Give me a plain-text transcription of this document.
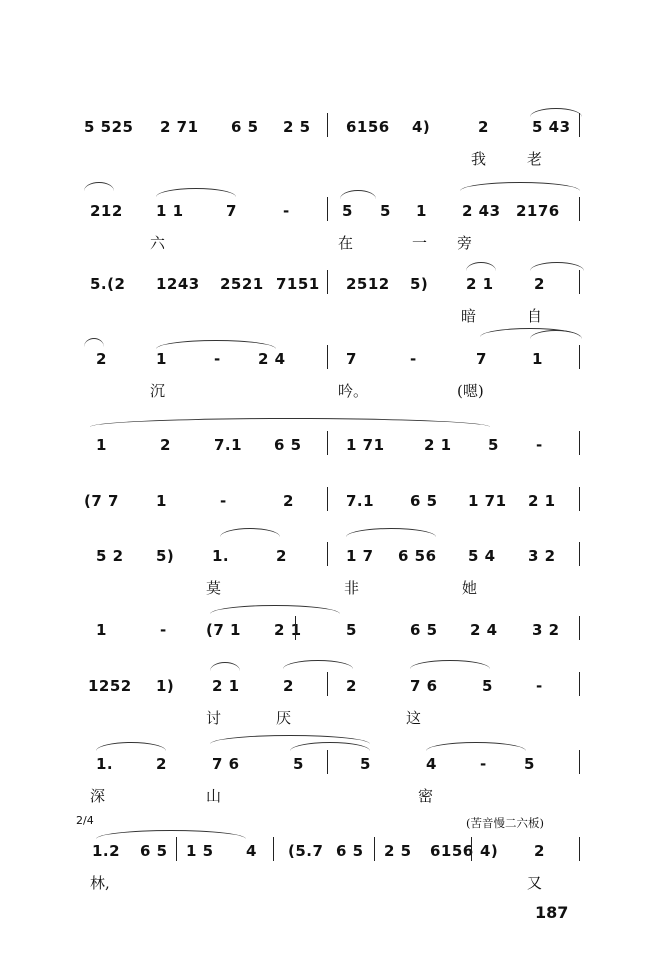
5 525 2 71 6 5 2 5 6156 4)	2	5 43
我	老
212 1 1	7	-	5 5 1 2 43 2176
六	在	一 旁
5.(2 1243 2521 7151 2512 5)	2 1	2
暗	自
2	1	- 2 4	7	-	7	1
沉	吟。	(嗯)
1	2	7.1 6 5	1 71	2 1 5 -
(7 7 1	-	2	7.1 6 5 1 71 2 1
5 2 5)	1.	2	1 7 6 56 5 4 3 2
莫	非	她
1	-	(7 1 2 1	5	6 5 2 4 3 2
1252 1)	2 1	2	2	7 6	5	-
讨	厌	这
1.	2	7 6	5	5	4	- 5
深	山	密
1.2 6 5 1 5 4 (5.7 6 5 2 5 6156 4) 2
林,	又
2/4	(苦音慢二六板)
187
